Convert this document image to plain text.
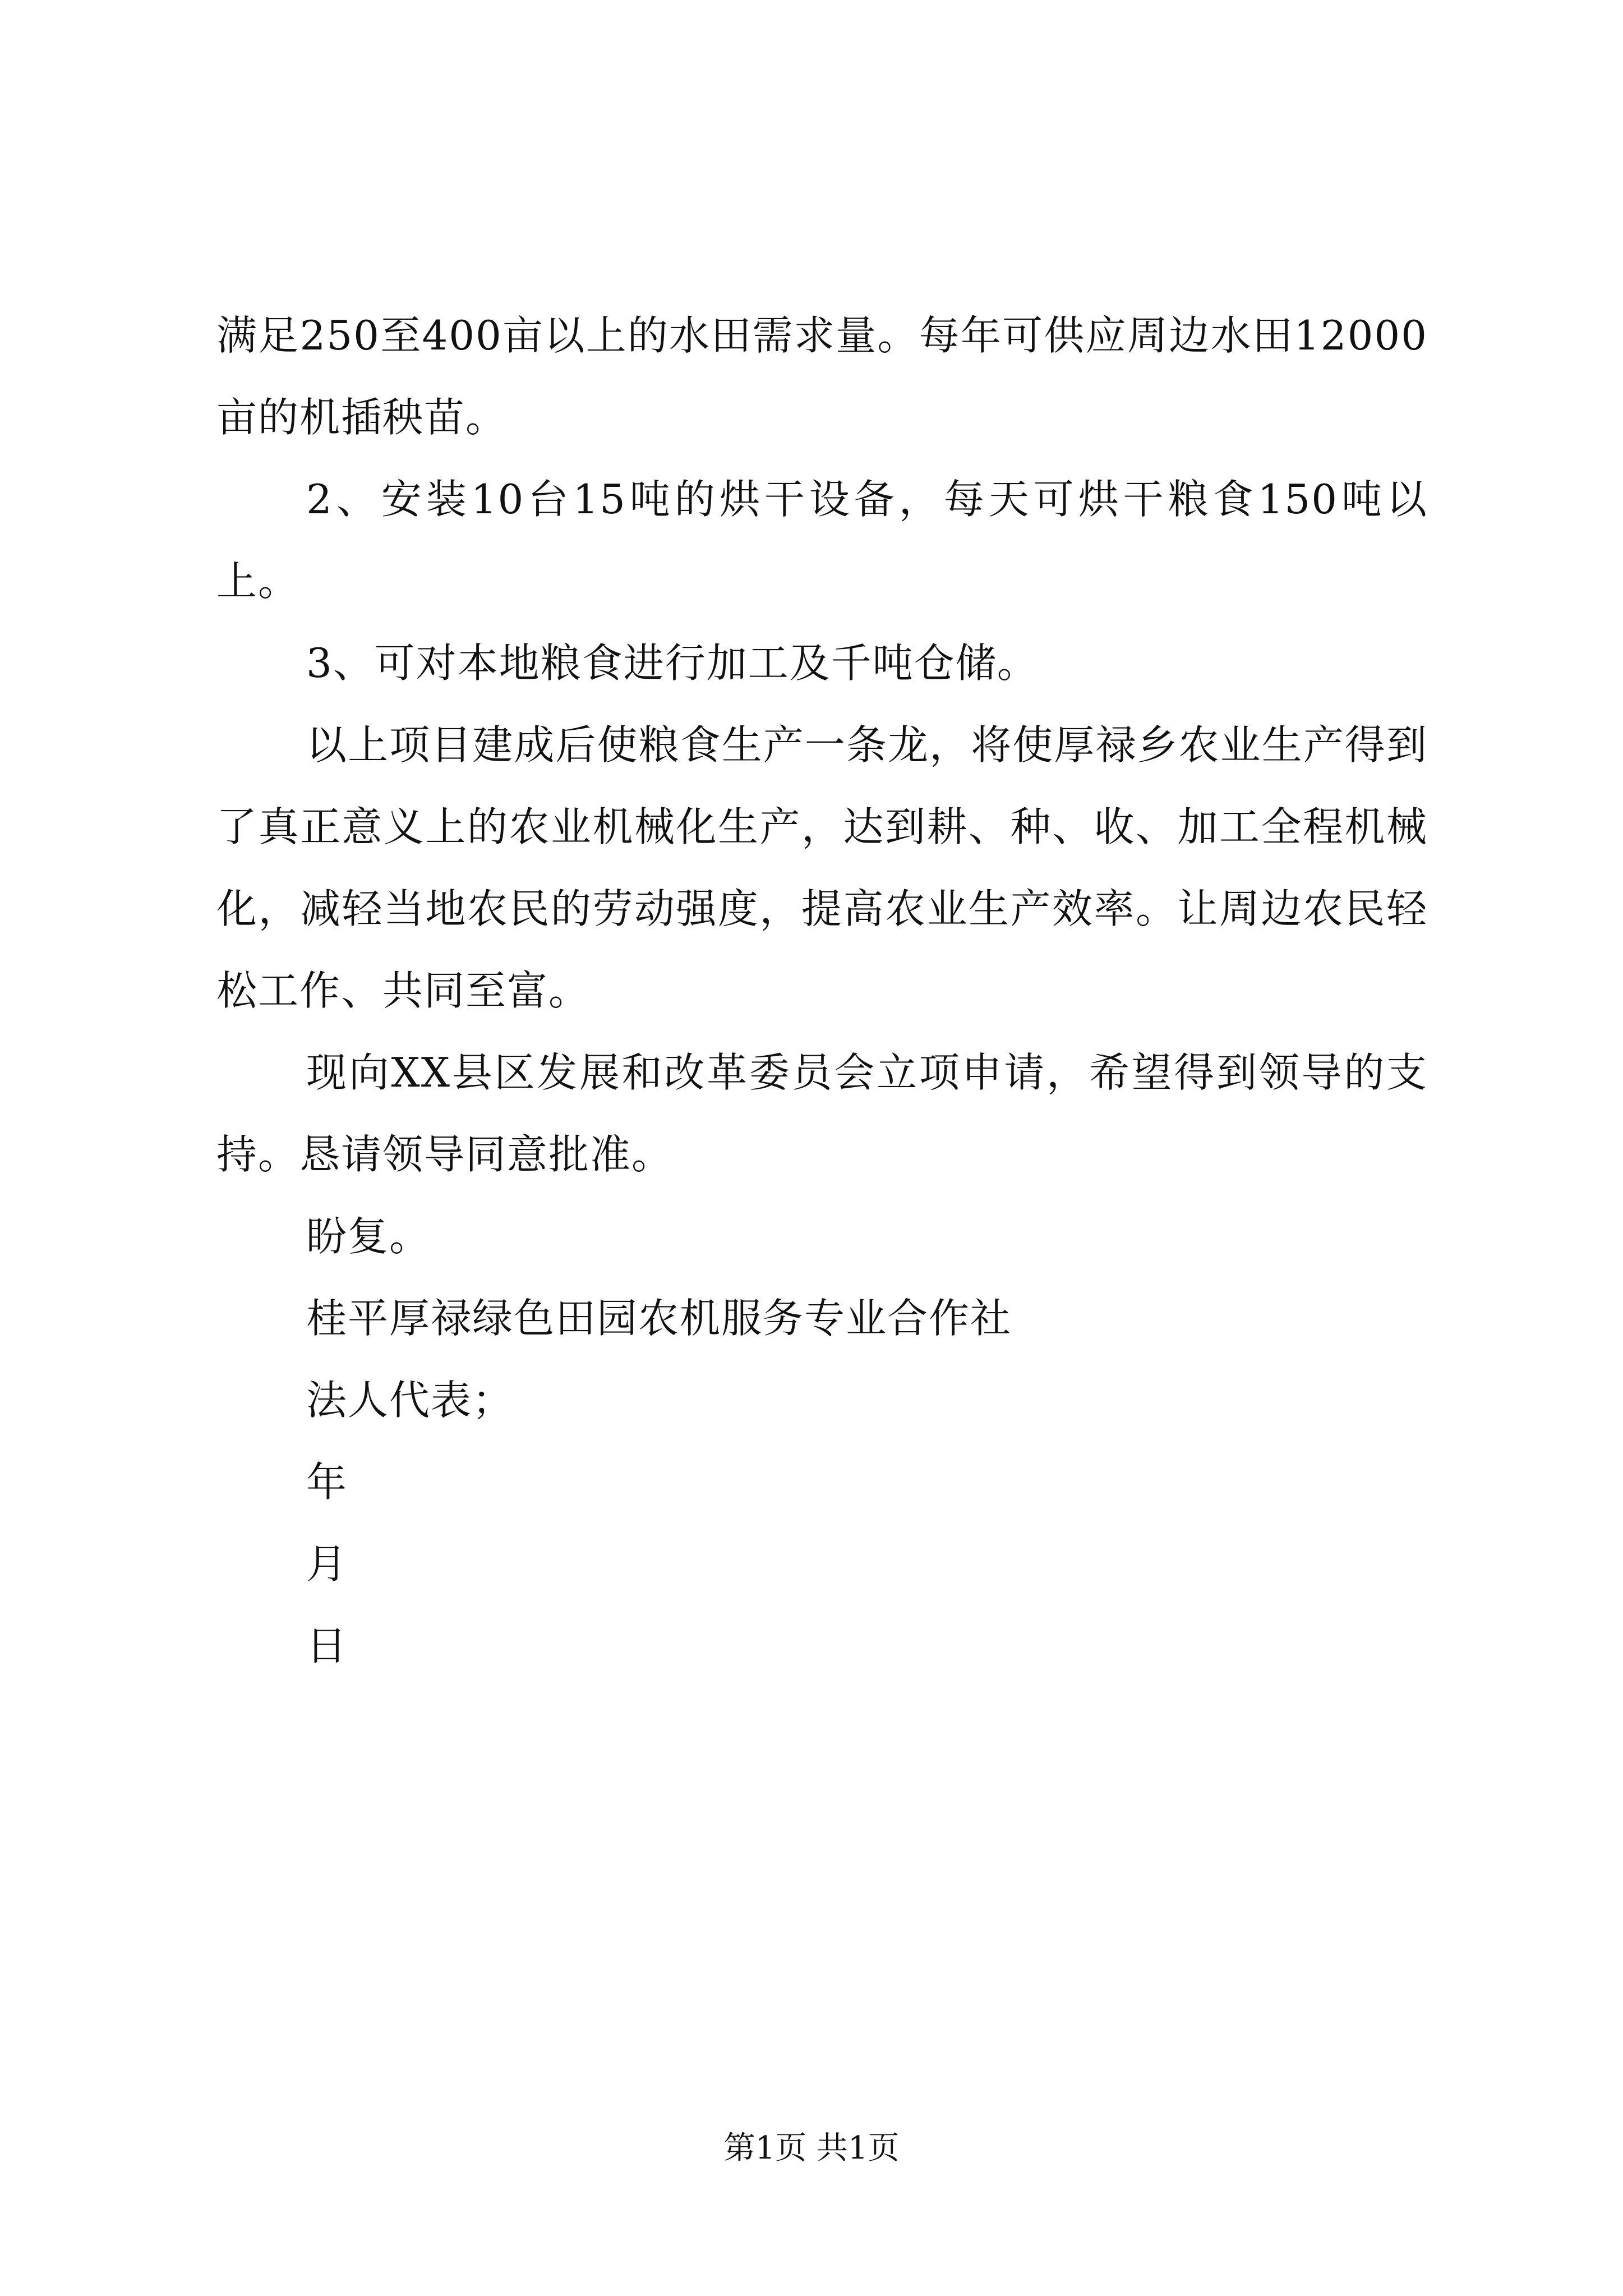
满足250至400亩以上的水田需求量。每年可供应周边水田12000亩的机插秧苗。

2、安装10台15吨的烘干设备，每天可烘干粮食150吨以上。

3、可对本地粮食进行加工及千吨仓储。

以上项目建成后使粮食生产一条龙，将使厚禄乡农业生产得到了真正意义上的农业机械化生产，达到耕、种、收、加工全程机械化，减轻当地农民的劳动强度，提高农业生产效率。让周边农民轻松工作、共同至富。

现向XX县区发展和改革委员会立项申请，希望得到领导的支持。恳请领导同意批准。

盼复。

桂平厚禄绿色田园农机服务专业合作社

法人代表；

年

月

日

第1页 共1页
